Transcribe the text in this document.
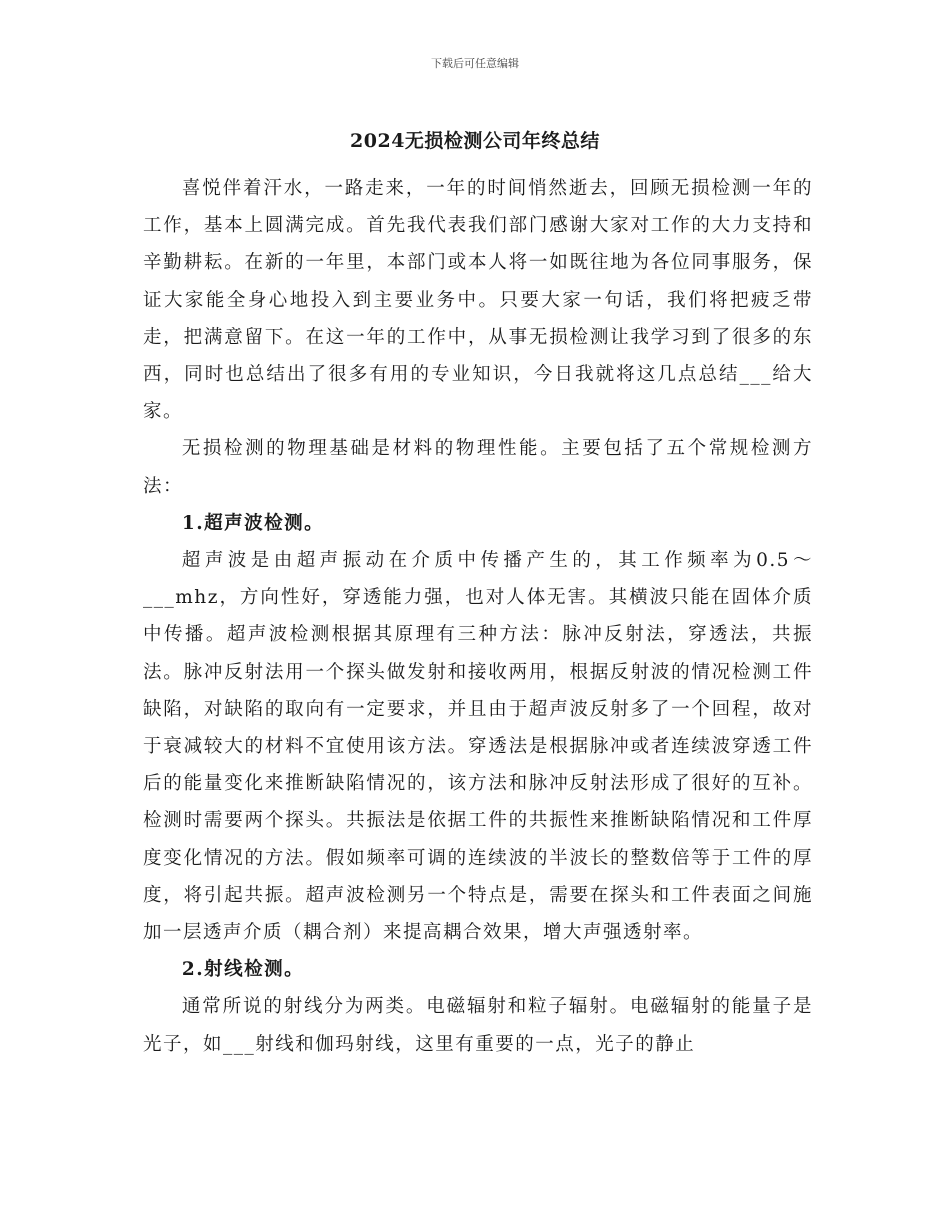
下载后可任意编辑
2024无损检测公司年终总结

喜悦伴着汗水，一路走来，一年的时间悄然逝去，回顾无损检测一年的工作，基本上圆满完成。首先我代表我们部门感谢大家对工作的大力支持和辛勤耕耘。在新的一年里，本部门或本人将一如既往地为各位同事服务，保证大家能全身心地投入到主要业务中。只要大家一句话，我们将把疲乏带走，把满意留下。在这一年的工作中，从事无损检测让我学习到了很多的东西，同时也总结出了很多有用的专业知识，今日我就将这几点总结___给大家。

无损检测的物理基础是材料的物理性能。主要包括了五个常规检测方法：

1.超声波检测。

超声波是由超声振动在介质中传播产生的，其工作频率为0.5～___mhz，方向性好，穿透能力强，也对人体无害。其横波只能在固体介质中传播。超声波检测根据其原理有三种方法：脉冲反射法，穿透法，共振法。脉冲反射法用一个探头做发射和接收两用，根据反射波的情况检测工件缺陷，对缺陷的取向有一定要求，并且由于超声波反射多了一个回程，故对于衰减较大的材料不宜使用该方法。穿透法是根据脉冲或者连续波穿透工件后的能量变化来推断缺陷情况的，该方法和脉冲反射法形成了很好的互补。检测时需要两个探头。共振法是依据工件的共振性来推断缺陷情况和工件厚度变化情况的方法。假如频率可调的连续波的半波长的整数倍等于工件的厚度，将引起共振。超声波检测另一个特点是，需要在探头和工件表面之间施加一层透声介质（耦合剂）来提高耦合效果，增大声强透射率。

2.射线检测。

通常所说的射线分为两类。电磁辐射和粒子辐射。电磁辐射的能量子是光子，如___射线和伽玛射线，这里有重要的一点，光子的静止
